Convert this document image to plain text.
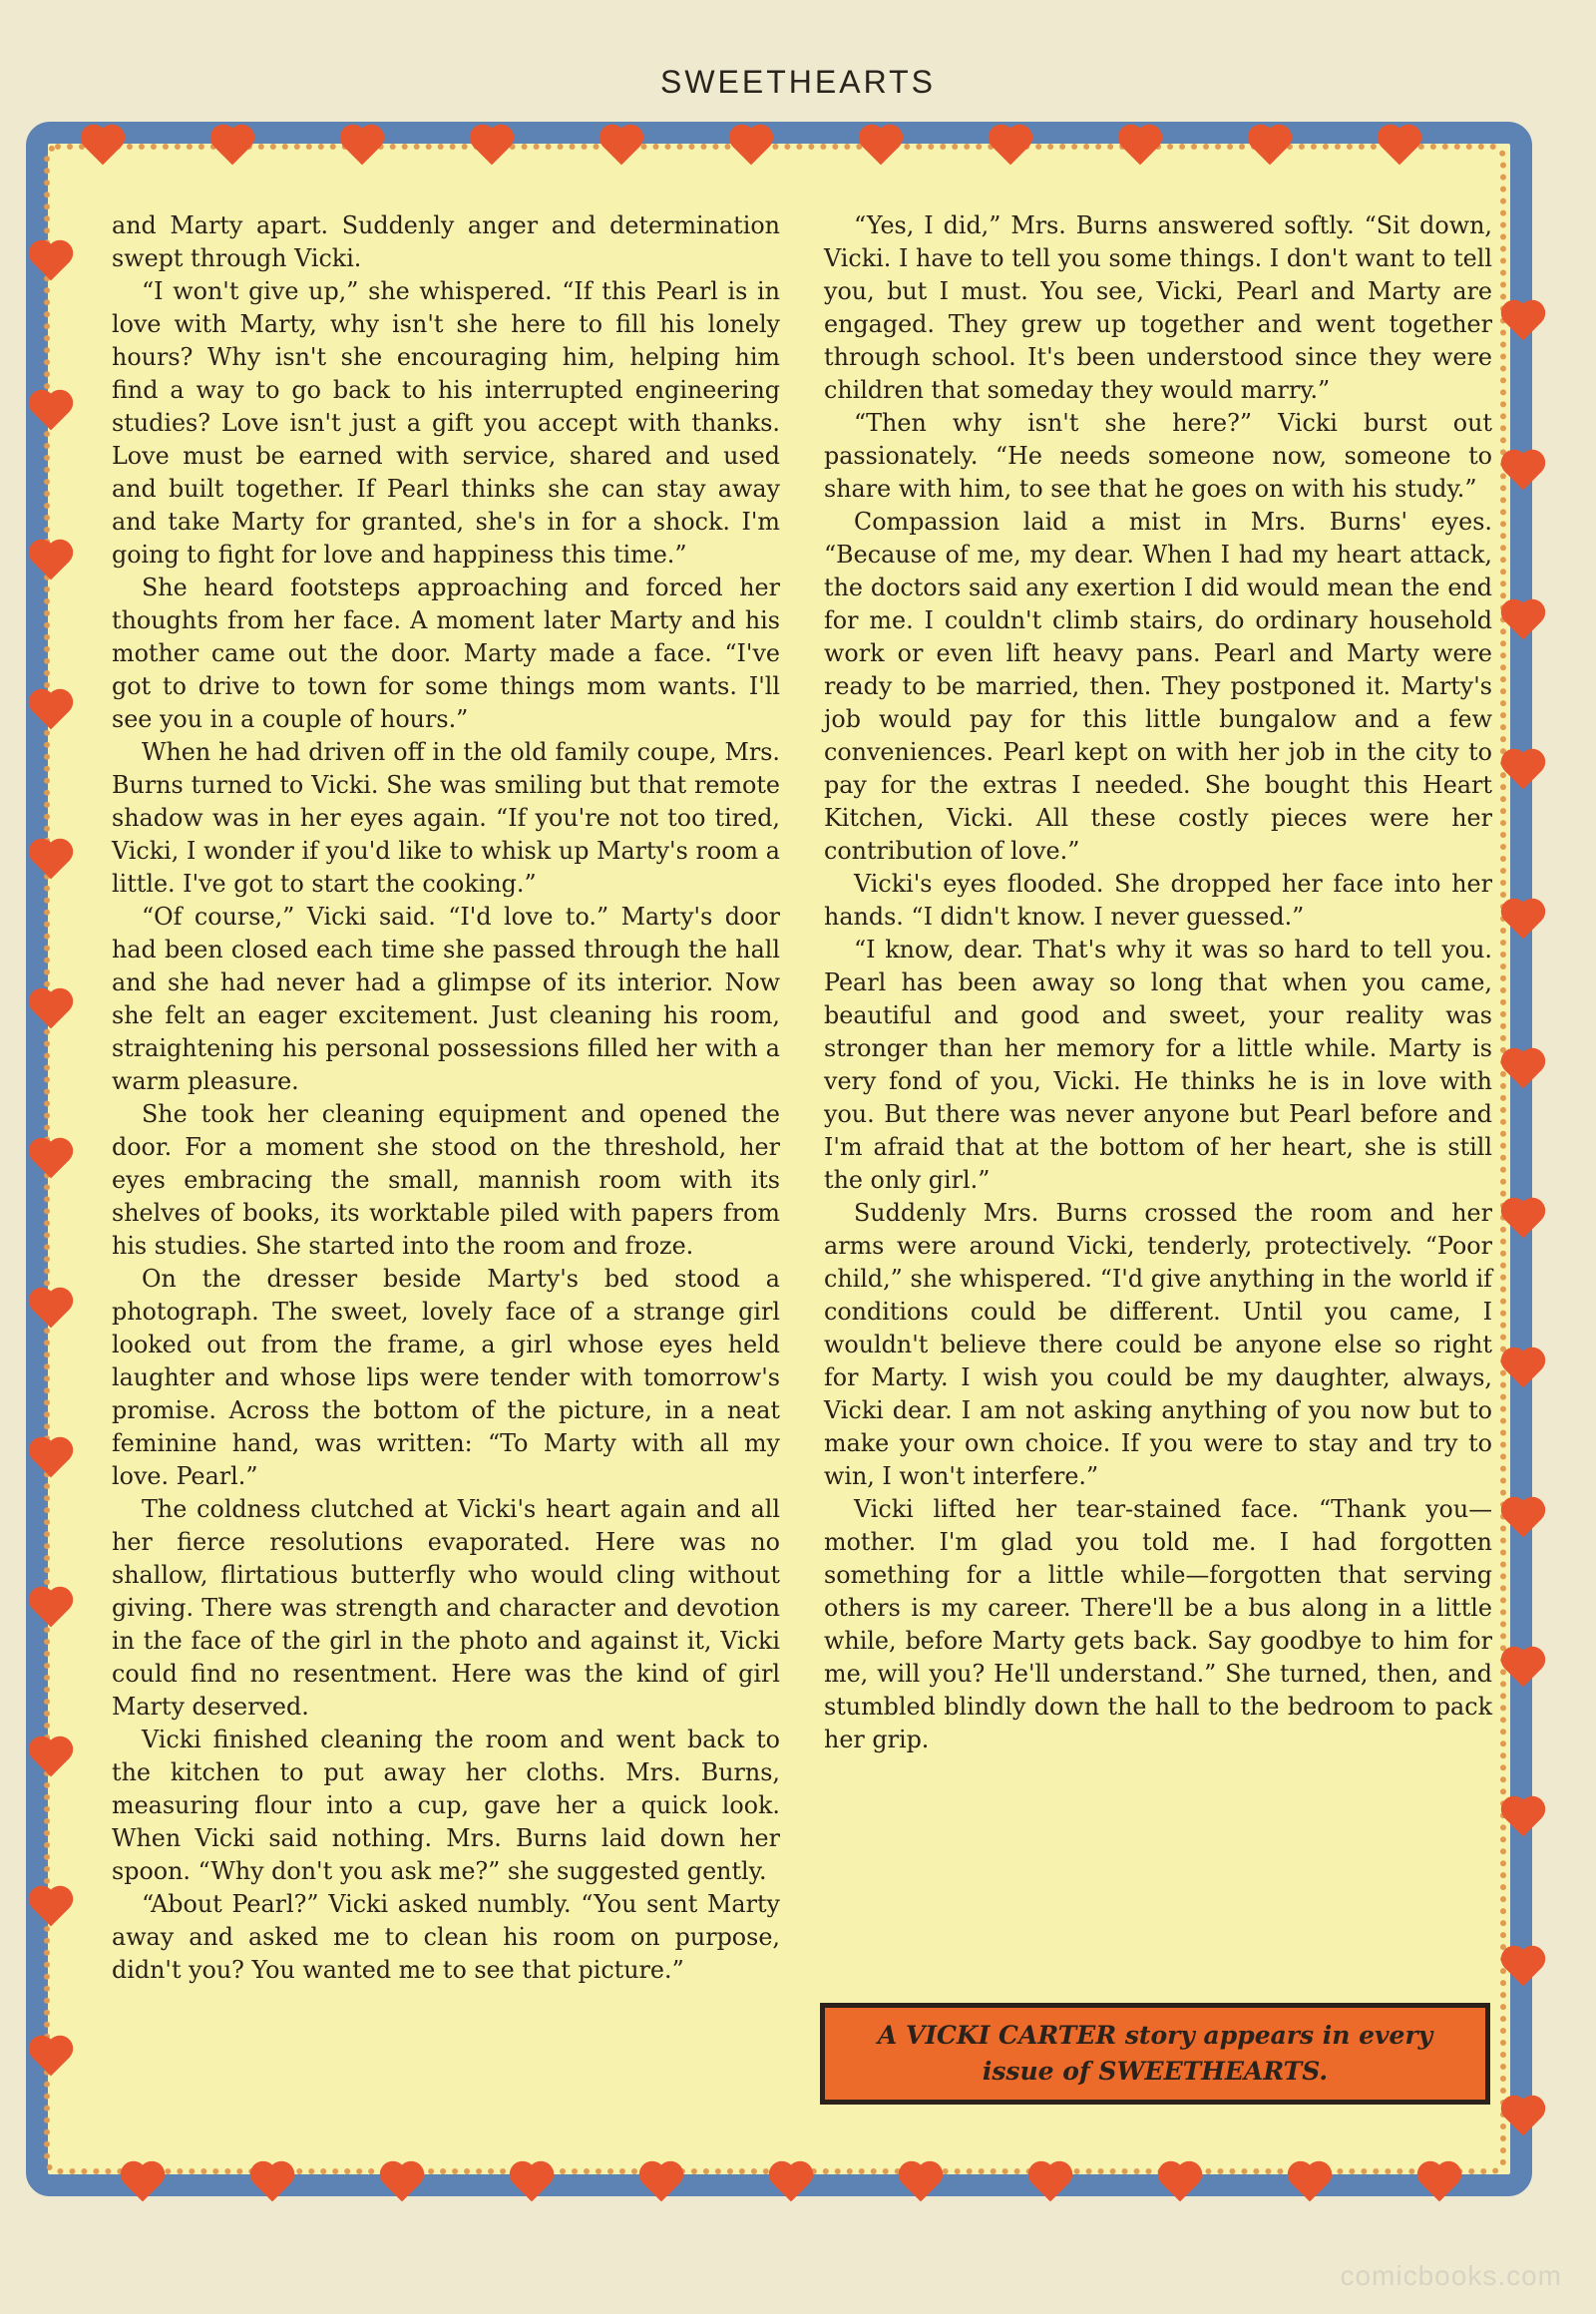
SWEETHEARTS

and Marty apart. Suddenly anger and determination swept through Vicki.

“I won't give up,” she whispered. “If this Pearl is in love with Marty, why isn't she here to fill his lonely hours? Why isn't she encouraging him, helping him find a way to go back to his interrupted engineering studies? Love isn't just a gift you accept with thanks. Love must be earned with service, shared and used and built together. If Pearl thinks she can stay away and take Marty for granted, she's in for a shock. I'm going to fight for love and happiness this time.”

She heard footsteps approaching and forced her thoughts from her face. A moment later Marty and his mother came out the door. Marty made a face. “I've got to drive to town for some things mom wants. I'll see you in a couple of hours.”

When he had driven off in the old family coupe, Mrs. Burns turned to Vicki. She was smiling but that remote shadow was in her eyes again. “If you're not too tired, Vicki, I wonder if you'd like to whisk up Marty's room a little. I've got to start the cooking.”

“Of course,” Vicki said. “I'd love to.” Marty's door had been closed each time she passed through the hall and she had never had a glimpse of its interior. Now she felt an eager excitement. Just cleaning his room, straightening his personal possessions filled her with a warm pleasure.

She took her cleaning equipment and opened the door. For a moment she stood on the threshold, her eyes embracing the small, mannish room with its shelves of books, its worktable piled with papers from his studies. She started into the room and froze.

On the dresser beside Marty's bed stood a photograph. The sweet, lovely face of a strange girl looked out from the frame, a girl whose eyes held laughter and whose lips were tender with tomorrow's promise. Across the bottom of the picture, in a neat feminine hand, was written: “To Marty with all my love. Pearl.”

The coldness clutched at Vicki's heart again and all her fierce resolutions evaporated. Here was no shallow, flirtatious butterfly who would cling without giving. There was strength and character and devotion in the face of the girl in the photo and against it, Vicki could find no resentment. Here was the kind of girl Marty deserved.

Vicki finished cleaning the room and went back to the kitchen to put away her cloths. Mrs. Burns, measuring flour into a cup, gave her a quick look. When Vicki said nothing. Mrs. Burns laid down her spoon. “Why don't you ask me?” she suggested gently.

“About Pearl?” Vicki asked numbly. “You sent Marty away and asked me to clean his room on purpose, didn't you? You wanted me to see that picture.”

“Yes, I did,” Mrs. Burns answered softly. “Sit down, Vicki. I have to tell you some things. I don't want to tell you, but I must. You see, Vicki, Pearl and Marty are engaged. They grew up together and went together through school. It's been understood since they were children that someday they would marry.”

“Then why isn't she here?” Vicki burst out passionately. “He needs someone now, someone to share with him, to see that he goes on with his study.”

Compassion laid a mist in Mrs. Burns' eyes. “Because of me, my dear. When I had my heart attack, the doctors said any exertion I did would mean the end for me. I couldn't climb stairs, do ordinary household work or even lift heavy pans. Pearl and Marty were ready to be married, then. They postponed it. Marty's job would pay for this little bungalow and a few conveniences. Pearl kept on with her job in the city to pay for the extras I needed. She bought this Heart Kitchen, Vicki. All these costly pieces were her contribution of love.”

Vicki's eyes flooded. She dropped her face into her hands. “I didn't know. I never guessed.”

“I know, dear. That's why it was so hard to tell you. Pearl has been away so long that when you came, beautiful and good and sweet, your reality was stronger than her memory for a little while. Marty is very fond of you, Vicki. He thinks he is in love with you. But there was never anyone but Pearl before and I'm afraid that at the bottom of her heart, she is still the only girl.”

Suddenly Mrs. Burns crossed the room and her arms were around Vicki, tenderly, protectively. “Poor child,” she whispered. “I'd give anything in the world if conditions could be different. Until you came, I wouldn't believe there could be anyone else so right for Marty. I wish you could be my daughter, always, Vicki dear. I am not asking anything of you now but to make your own choice. If you were to stay and try to win, I won't interfere.”

Vicki lifted her tear-stained face. “Thank you—mother. I'm glad you told me. I had forgotten something for a little while—forgotten that serving others is my career. There'll be a bus along in a little while, before Marty gets back. Say goodbye to him for me, will you? He'll understand.” She turned, then, and stumbled blindly down the hall to the bedroom to pack her grip.

A VICKI CARTER story appears in every issue of SWEETHEARTS.
comicbooks.com
